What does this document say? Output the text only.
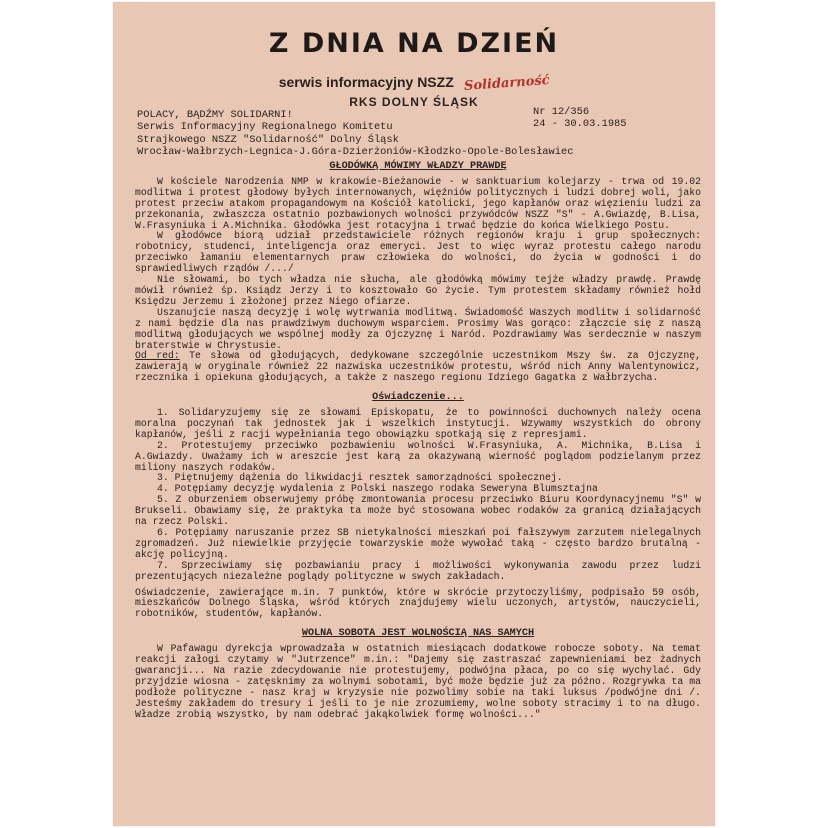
Z DNIA NA DZIEŃ
serwis informacyjny NSZZ Solidarność
RKS DOLNY ŚLĄSK
POLACY, BĄDŹMY SOLIDARNI!
Serwis Informacyjny Regionalnego Komitetu
Strajkowego NSZZ "Solidarność" Dolny Śląsk
Wrocław-Wałbrzych-Legnica-J.Góra-Dzierżoniów-Kłodzko-Opole-Bolesławiec
Nr 12/356
24 - 30.03.1985
GŁODÓWKĄ MÓWIMY WŁADZY PRAWDĘ

W kościele Narodzenia NMP w krakowie-Bieżanowie - w sanktuarium kolejarzy - trwa od 19.02 modlitwa i protest głodowy byłych internowanych, więźniów politycznych i ludzi dobrej woli, jako protest przeciw atakom propagandowym na Kościół katolicki, jego kapłanów oraz więzieniu ludzi za przekonania, zwłaszcza ostatnio pozbawionych wolności przywódców NSZZ "S" - A.Gwiazdę, B.Lisa, W.Frasyniuka i A.Michnika. Głodówka jest rotacyjna i trwać będzie do końca Wielkiego Postu.

W głodówce biorą udział przedstawiciele różnych regionów kraju i grup społecznych: robotnicy, studenci, inteligencja oraz emeryci. Jest to więc wyraz protestu całego narodu przeciwko łamaniu elementarnych praw człowieka do wolności, do życia w godności i do sprawiedliwych rządów /.../

Nie słowami, bo tych władza nie słucha, ale głodówką mówimy tejże władzy prawdę. Prawdę mówił również śp. Ksiądz Jerzy i to kosztowało Go życie. Tym protestem składamy również hołd Księdzu Jerzemu i złożonej przez Niego ofiarze.

Uszanujcie naszą decyzję i wolę wytrwania modlitwą. Świadomość Waszych modlitw i solidarność z nami będzie dla nas prawdziwym duchowym wsparciem. Prosimy Was gorąco: złączcie się z naszą modlitwą głodujących we wspólnej modły za Ojczyznę i Naród. Pozdrawiamy Was serdecznie w naszym braterstwie w Chrystusie.

Od red: Te słowa od głodujących, dedykowane szczególnie uczestnikom Mszy św. za Ojczyznę, zawierają w oryginale również 22 nazwiska uczestników protestu, wśród nich Anny Walentynowicz, rzecznika i opiekuna głodujących, a także z naszego regionu Idziego Gagatka z Wałbrzycha.

Oświadczenie...

1. Solidaryzujemy się ze słowami Episkopatu, że to powinności duchownych należy ocena moralna poczynań tak jednostek jak i wszelkich instytucji. Wzywamy wszystkich do obrony kapłanów, jeśli z racji wypełniania tego obowiązku spotkają się z represjami.

2. Protestujemy przeciwko pozbawieniu wolności W.Frasyniuka, A. Michnika, B.Lisa i A.Gwiazdy. Uważamy ich w areszcie jest karą za okazywaną wierność poglądom podzielanym przez miliony naszych rodaków.

3. Piętnujemy dążenia do likwidacji resztek samorządności społecznej.

4. Potępiamy decyzję wydalenia z Polski naszego rodaka Seweryna Blumsztajna

5. Z oburzeniem obserwujemy próbę zmontowania procesu przeciwko Biuru Koordynacyjnemu "S" w Brukseli. Obawiamy się, że praktyka ta może być stosowana wobec rodaków za granicą działających na rzecz Polski.

6. Potępiamy naruszanie przez SB nietykalności mieszkań poi fałszywym zarzutem nielegalnych zgromadzeń. Już niewielkie przyjęcie towarzyskie może wywołać taką - często bardzo brutalną - akcję policyjną.

7. Sprzeciwiamy się pozbawianiu pracy i możliwości wykonywania zawodu przez ludzi prezentujących niezależne poglądy polityczne w swych zakładach.

Oświadczenie, zawierające m.in. 7 punktów, które w skrócie przytoczyliśmy, podpisało 59 osób, mieszkańców Dolnego Śląska, wśród których znajdujemy wielu uczonych, artystów, nauczycieli, robotników, studentów, kapłanów.

WOLNA SOBOTA JEST WOLNOŚCIĄ NAS SAMYCH

W Pafawagu dyrekcja wprowadzała w ostatnich miesiącach dodatkowe robocze soboty. Na temat reakcji załogi czytamy w "Jutrzence" m.in.: "Dajemy się zastraszać zapewnieniami bez żadnych gwarancji... Na razie zdecydowanie nie protestujemy, podwójna płaca, po co się wychylać. Gdy przyjdzie wiosna - zatęsknimy za wolnymi sobotami, być może będzie już za późno. Rozgrywka ta ma podłoże polityczne - nasz kraj w kryzysie nie pozwolimy sobie na taki luksus /podwójne dni /. Jesteśmy zakładem do tresury i jeśli to je nie zrozumiemy, wolne soboty stracimy i to na długo. Władze zrobią wszystko, by nam odebrać jakąkolwiek formę wolności..."
